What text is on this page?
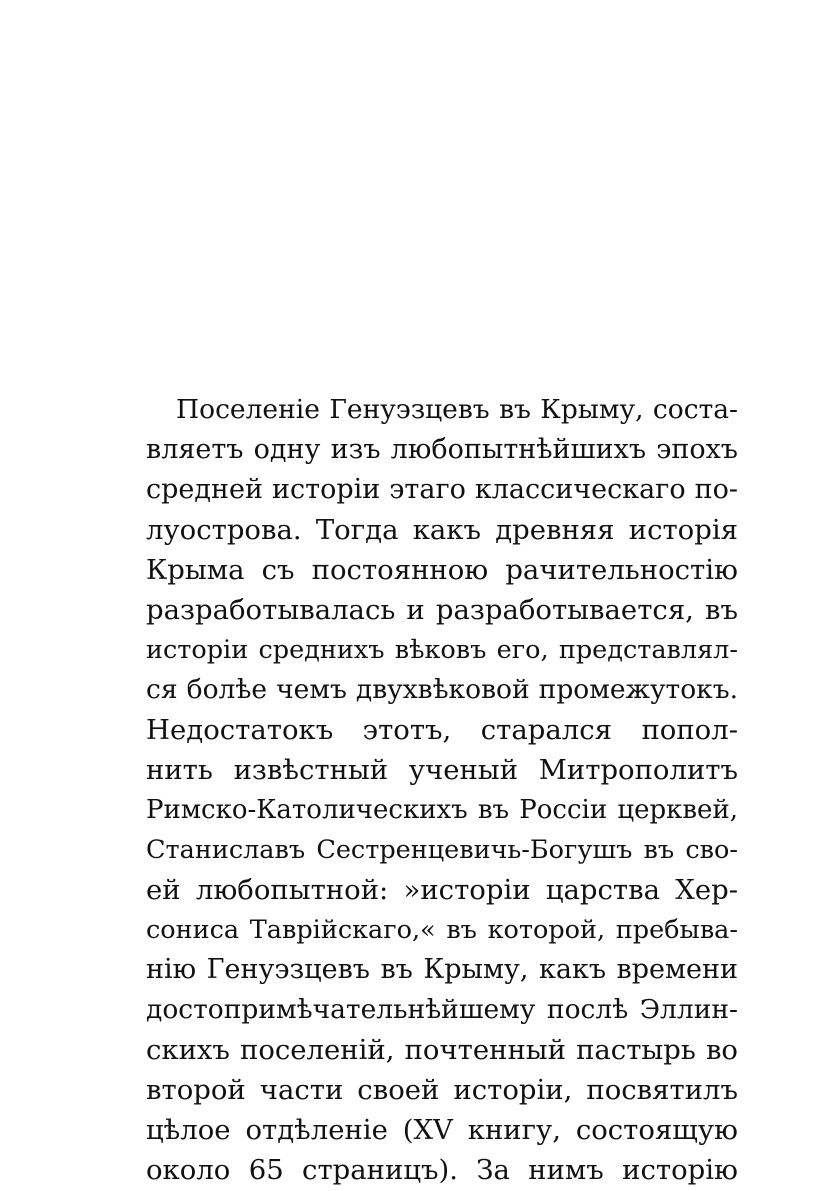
Поселеніе Генуэзцевъ въ Крыму, соста-
вляетъ одну изъ любопытнѣйшихъ эпохъ
средней исторіи этаго классическаго по-
луострова. Тогда какъ древняя исторія
Крыма съ постоянною рачительностію
разработывалась и разработывается, въ
исторіи среднихъ вѣковъ его, представлял-
ся болѣе чемъ двухвѣковой промежутокъ.
Недостатокъ этотъ, старался попол-
нить извѣстный ученый Митрополитъ
Римско-Католическихъ въ Россіи церквей,
Станиславъ Сестренцевичь-Богушъ въ сво-
ей любопытной: »исторіи царства Хер-
сониса Таврійскаго,« въ которой, пребыва-
нію Генуэзцевъ въ Крыму, какъ времени
достопримѣчательнѣйшему послѣ Эллин-
скихъ поселеній, почтенный пастырь во
второй части своей исторіи, посвятилъ
цѣлое отдѣленіе (XV книгу, состоящую
около 65 страницъ). За нимъ исторію
